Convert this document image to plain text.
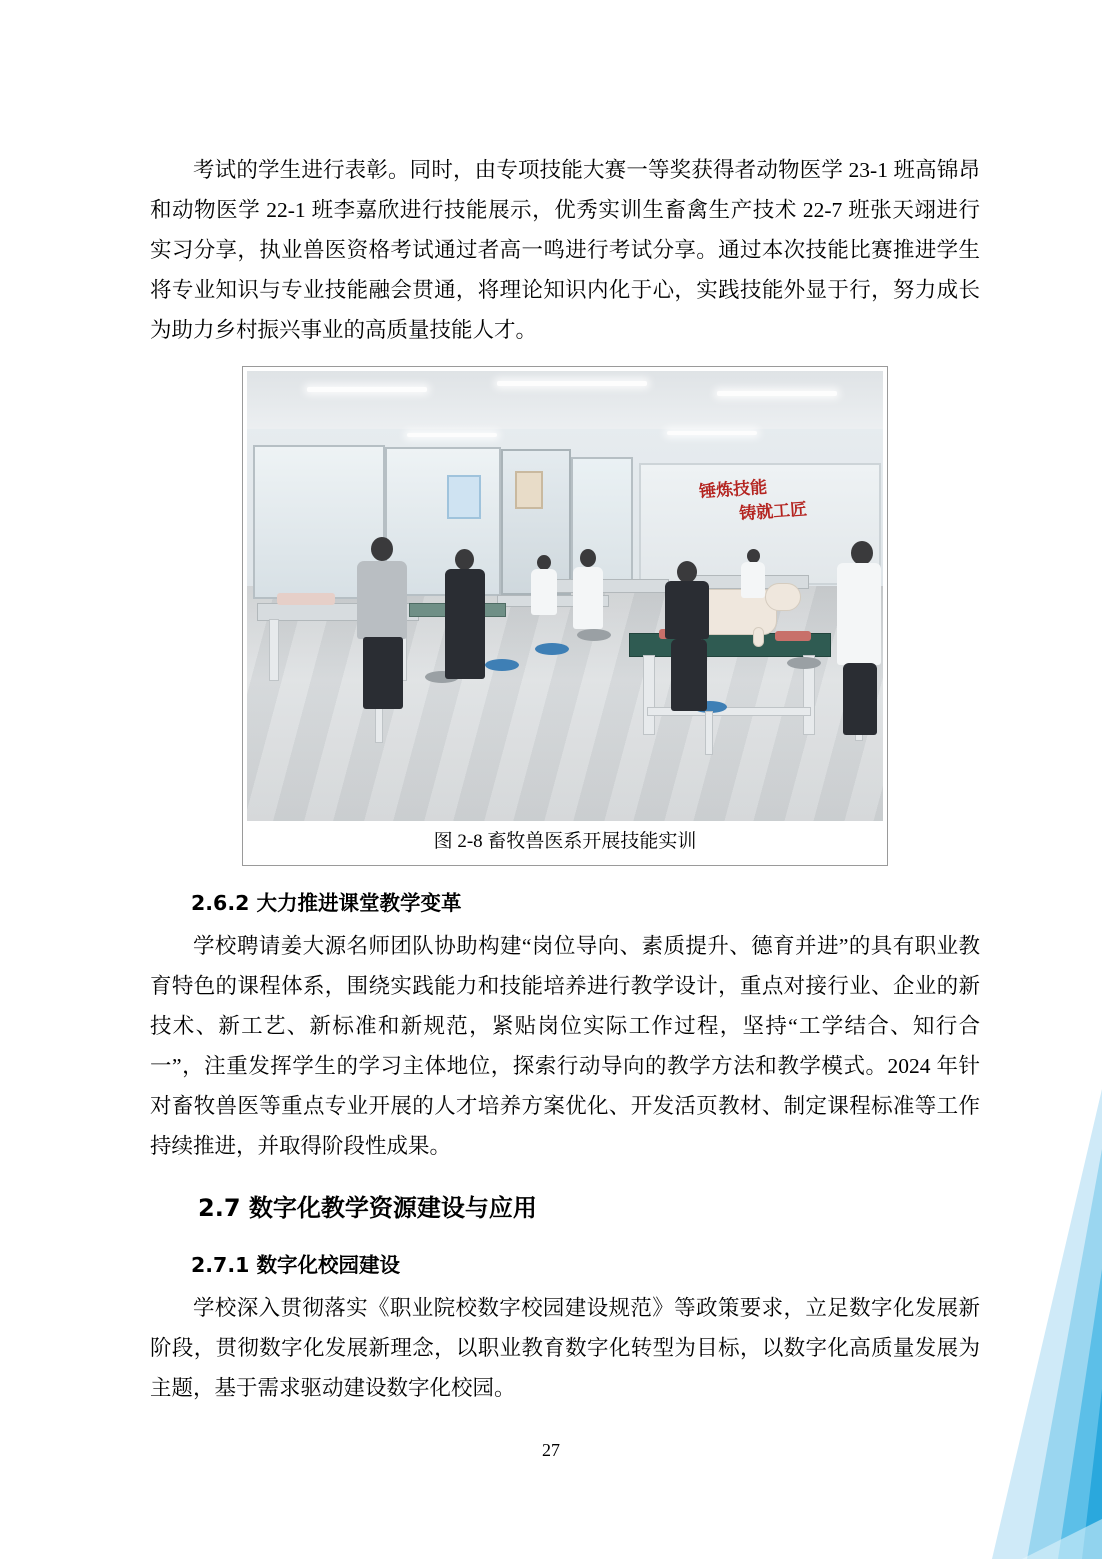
考试的学生进行表彰。同时，由专项技能大赛一等奖获得者动物医学 23-1 班高锦昂和动物医学 22-1 班李嘉欣进行技能展示，优秀实训生畜禽生产技术 22-7 班张天翊进行实习分享，执业兽医资格考试通过者高一鸣进行考试分享。通过本次技能比赛推进学生将专业知识与专业技能融会贯通，将理论知识内化于心，实践技能外显于行，努力成长为助力乡村振兴事业的高质量技能人才。

锤炼技能
铸就工匠
图 2-8 畜牧兽医系开展技能实训
2.6.2 大力推进课堂教学变革

学校聘请姜大源名师团队协助构建“岗位导向、素质提升、德育并进”的具有职业教育特色的课程体系，围绕实践能力和技能培养进行教学设计，重点对接行业、企业的新技术、新工艺、新标准和新规范，紧贴岗位实际工作过程，坚持“工学结合、知行合一”，注重发挥学生的学习主体地位，探索行动导向的教学方法和教学模式。2024 年针对畜牧兽医等重点专业开展的人才培养方案优化、开发活页教材、制定课程标准等工作持续推进，并取得阶段性成果。

2.7 数字化教学资源建设与应用
2.7.1 数字化校园建设

学校深入贯彻落实《职业院校数字校园建设规范》等政策要求，立足数字化发展新阶段，贯彻数字化发展新理念，以职业教育数字化转型为目标，以数字化高质量发展为主题，基于需求驱动建设数字化校园。

27
